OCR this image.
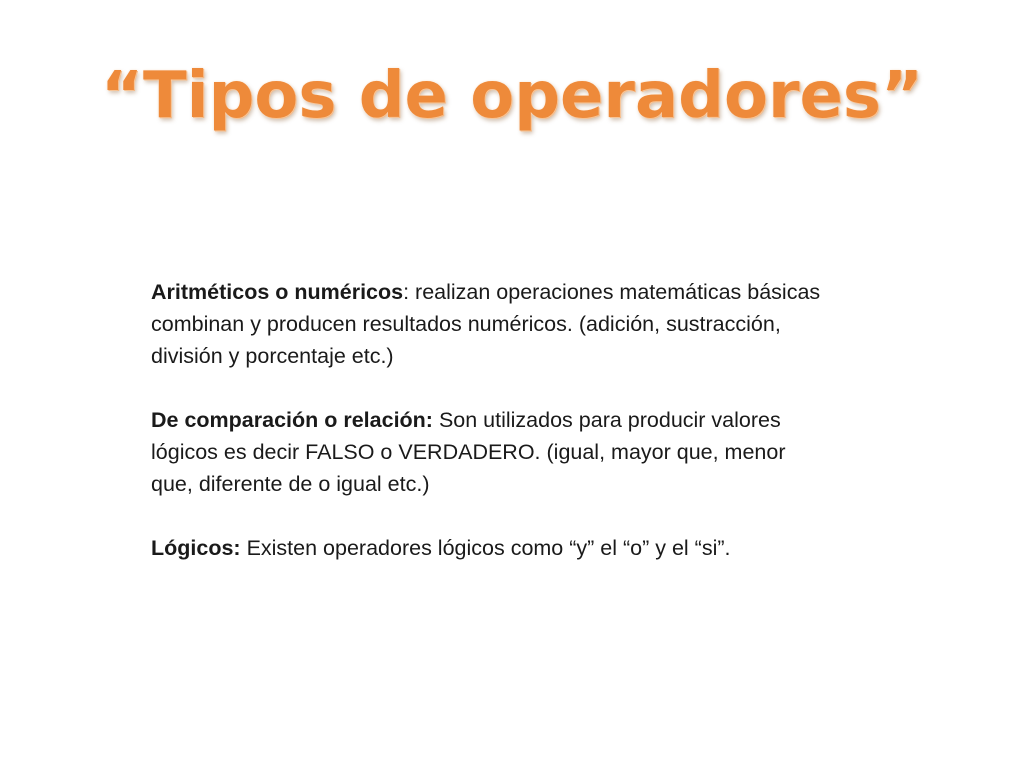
“Tipos de operadores”

Aritméticos o numéricos: realizan operaciones matemáticas básicas combinan y producen resultados numéricos. (adición, sustracción, división y porcentaje etc.)

De comparación o relación: Son utilizados para producir valores lógicos es decir FALSO o VERDADERO. (igual, mayor que, menor que, diferente de o igual etc.)

Lógicos: Existen operadores lógicos como “y” el “o” y el “si”.
